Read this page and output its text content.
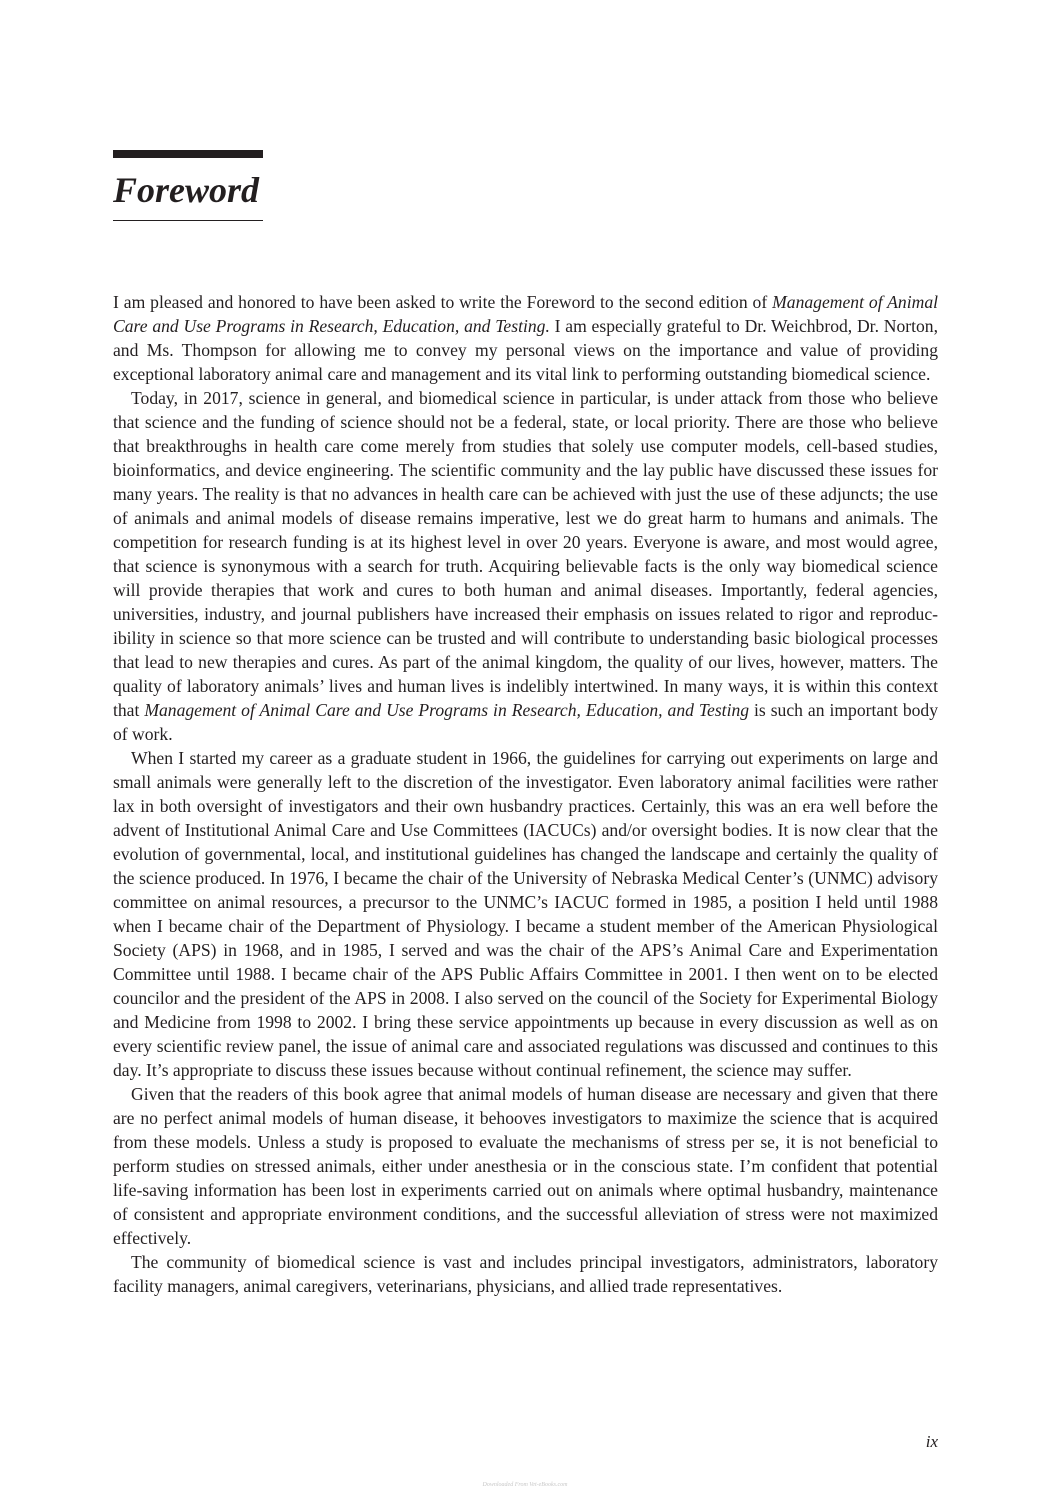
Foreword

I am pleased and honored to have been asked to write the Foreword to the second edition of Management of Animal Care and Use Programs in Research, Education, and Testing. I am especially grateful to Dr. Weichbrod, Dr. Norton, and Ms. Thompson for allowing me to convey my personal views on the importance and value of providing exceptional laboratory animal care and management and its vital link to performing outstanding biomedical science.

Today, in 2017, science in general, and biomedical science in particular, is under attack from those who believe that science and the funding of science should not be a federal, state, or local priority. There are those who believe that breakthroughs in health care come merely from studies that solely use computer models, cell-based studies, bioinformatics, and device engineering. The scientific community and the lay public have discussed these issues for many years. The reality is that no advances in health care can be achieved with just the use of these adjuncts; the use of animals and animal models of disease remains imperative, lest we do great harm to humans and animals. The competition for research funding is at its highest level in over 20 years. Everyone is aware, and most would agree, that science is synonymous with a search for truth. Acquiring believable facts is the only way biomedical science will provide therapies that work and cures to both human and animal diseases. Importantly, federal agencies, universities, industry, and journal publishers have increased their emphasis on issues related to rigor and reproducibility in science so that more science can be trusted and will contribute to understanding basic biological processes that lead to new therapies and cures. As part of the animal kingdom, the quality of our lives, however, matters. The quality of laboratory animals’ lives and human lives is indelibly intertwined. In many ways, it is within this context that Management of Animal Care and Use Programs in Research, Education, and Testing is such an important body of work.

When I started my career as a graduate student in 1966, the guidelines for carrying out experiments on large and small animals were generally left to the discretion of the investigator. Even laboratory animal facilities were rather lax in both oversight of investigators and their own husbandry practices. Certainly, this was an era well before the advent of Institutional Animal Care and Use Committees (IACUCs) and/​or oversight bodies. It is now clear that the evolution of governmental, local, and institutional guidelines has changed the landscape and certainly the quality of the science produced. In 1976, I became the chair of the University of Nebraska Medical Center’s (UNMC) advisory committee on animal resources, a precursor to the UNMC’s IACUC formed in 1985, a position I held until 1988 when I became chair of the Department of Physiology. I became a student member of the American Physiological Society (APS) in 1968, and in 1985, I served and was the chair of the APS’s Animal Care and Experimentation Committee until 1988. I became chair of the APS Public Affairs Committee in 2001. I then went on to be elected councilor and the president of the APS in 2008. I also served on the council of the Society for Experimental Biology and Medicine from 1998 to 2002. I bring these service appointments up because in every discussion as well as on every scientific review panel, the issue of animal care and associated regulations was discussed and continues to this day. It’s appropriate to discuss these issues because without continual refinement, the science may suffer.

Given that the readers of this book agree that animal models of human disease are necessary and given that there are no perfect animal models of human disease, it behooves investigators to maximize the science that is acquired from these models. Unless a study is proposed to evaluate the mechanisms of stress per se, it is not beneficial to perform studies on stressed animals, either under anesthesia or in the conscious state. I’m confident that potential life-saving information has been lost in experiments carried out on animals where optimal husbandry, maintenance of consistent and appropriate environment conditions, and the successful alleviation of stress were not maximized effectively.

The community of biomedical science is vast and includes principal investigators, administrators, laboratory facility managers, animal caregivers, veterinarians, physicians, and allied trade representatives.

ix
Downloaded From Vet-eBooks.com
